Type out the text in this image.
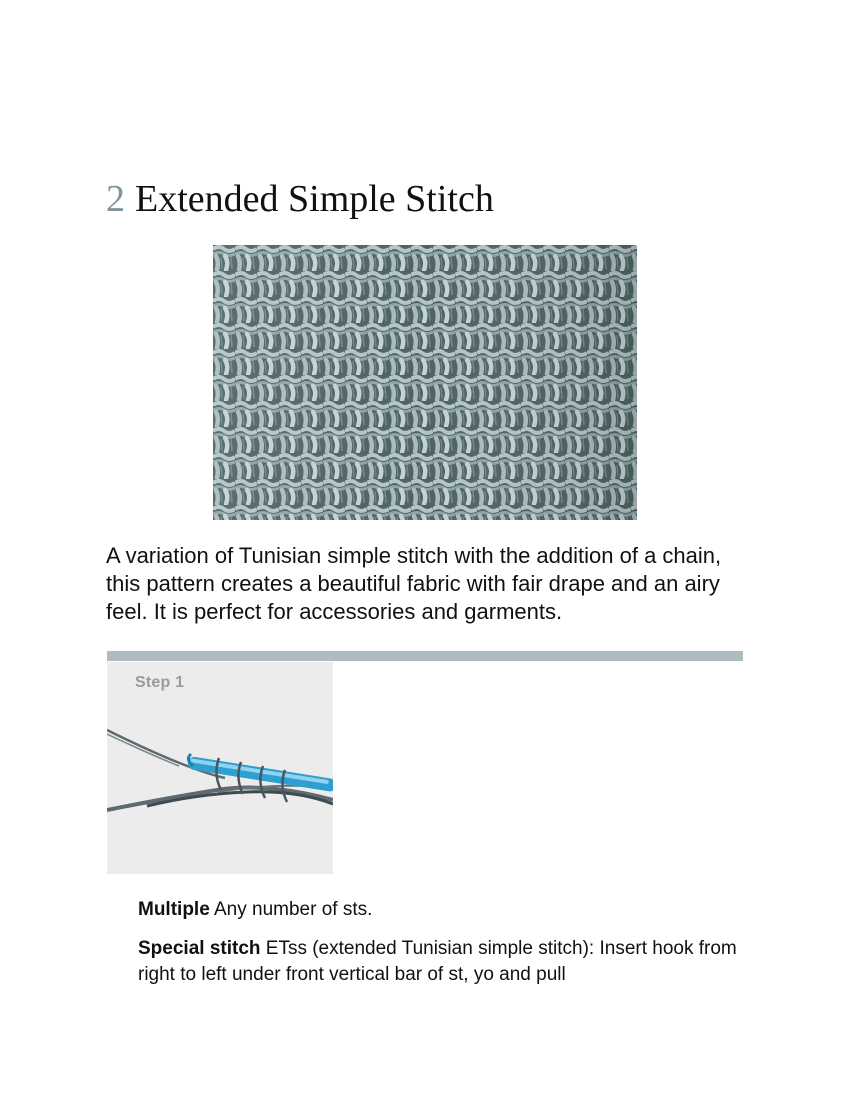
2 Extended Simple Stitch

A variation of Tunisian simple stitch with the addition of a chain, this pattern creates a beautiful fabric with fair drape and an airy feel. It is perfect for accessories and garments.

Step 1

Multiple Any number of sts.

Special stitch ETss (extended Tunisian simple stitch): Insert hook from right to left under front vertical bar of st, yo and pull
